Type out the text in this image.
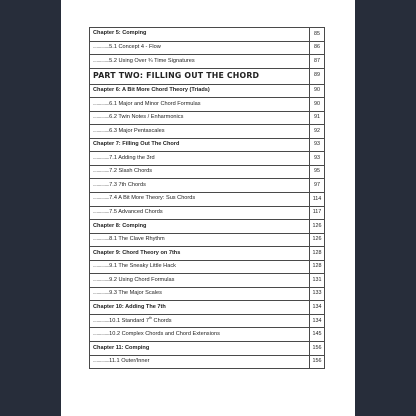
Chapter 5: Comping	85
..............5.1 Concept 4 - Flow	86
..............5.2 Using Over ¾ Time Signatures	87
PART TWO: FILLING OUT THE CHORD	89
Chapter 6: A Bit More Chord Theory (Triads)	90
..............6.1 Major and Minor Chord Formulas	90
..............6.2 Twin Notes / Enharmonics	91
..............6.3 Major Pentascales	92
Chapter 7: Filling Out The Chord	93
..............7.1 Adding the 3rd	93
..............7.2 Slash Chords	95
..............7.3 7th Chords	97
..............7.4 A Bit More Theory: Sus Chords	114
..............7.5 Advanced Chords	117
Chapter 8: Comping	126
..............8.1 The Clave Rhythm	126
Chapter 9: Chord Theory on 7ths	128
..............9.1 The Sneaky Little Hack	128
..............9.2 Using Chord Formulas	131
..............9.3 The Major Scales	133
Chapter 10: Adding The 7th	134
..............10.1 Standard 7th Chords	134
..............10.2 Complex Chords and Chord Extensions	145
Chapter 11: Comping	156
..............11.1 Outer/Inner	156
